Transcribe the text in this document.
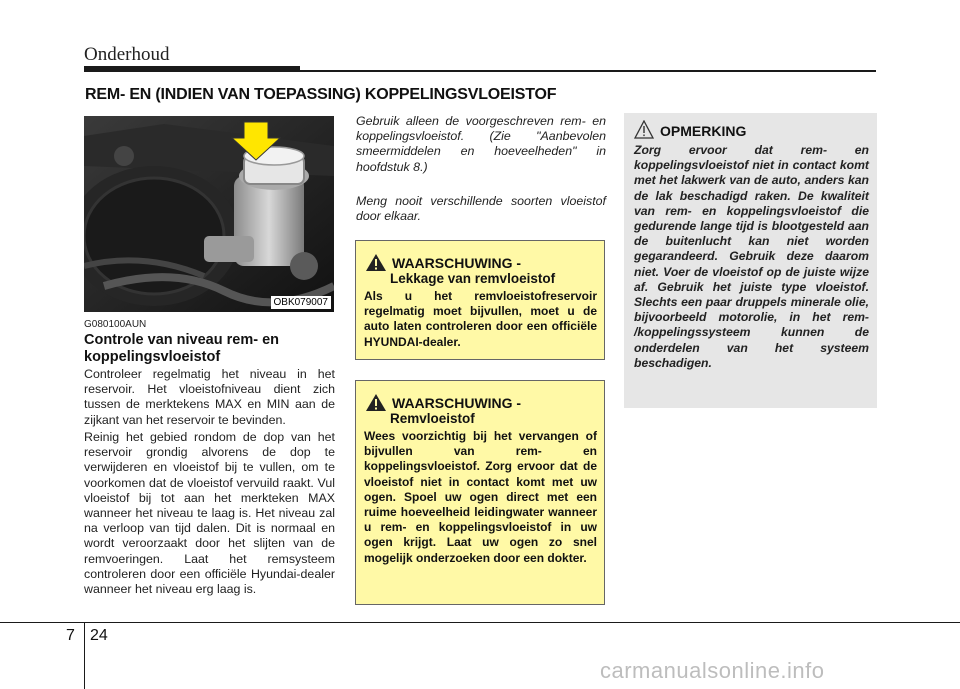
Onderhoud
REM- EN (INDIEN VAN TOEPASSING) KOPPELINGSVLOEISTOF
OBK079007
G080100AUN
Controle van niveau rem- en koppelingsvloeistof
Controleer regelmatig het niveau in het reservoir. Het vloeistofniveau dient zich tussen de merktekens MAX en MIN aan de zijkant van het reservoir te bevinden.
Reinig het gebied rondom de dop van het reservoir grondig alvorens de dop te verwijderen en vloeistof bij te vullen, om te voorkomen dat de vloeistof vervuild raakt. Vul vloeistof bij tot aan het merkteken MAX wanneer het niveau te laag is. Het niveau zal na verloop van tijd dalen. Dit is normaal en wordt veroorzaakt door het slijten van de remvoeringen. Laat het remsysteem controleren door een officiële Hyundai-dealer wanneer het niveau erg laag is.
Gebruik alleen de voorgeschreven rem- en koppelingsvloeistof. (Zie "Aanbevolen smeermiddelen en hoeveelheden" in hoofdstuk 8.)
Meng nooit verschillende soorten vloeistof door elkaar.
WAARSCHUWING -
Lekkage van remvloeistof
Als u het remvloeistofreservoir regelmatig moet bijvullen, moet u de auto laten controleren door een officiële HYUNDAI-dealer.
WAARSCHUWING -
Remvloeistof
Wees voorzichtig bij het vervangen of bijvullen van rem- en koppelingsvloeistof. Zorg ervoor dat de vloeistof niet in contact komt met uw ogen. Spoel uw ogen direct met een ruime hoeveelheid leidingwater wanneer u rem- en koppelingsvloeistof in uw ogen krijgt. Laat uw ogen zo snel mogelijk onderzoeken door een dokter.
OPMERKING
Zorg ervoor dat rem- en koppelingsvloeistof niet in contact komt met het lakwerk van de auto, anders kan de lak beschadigd raken. De kwaliteit van rem- en koppelingsvloeistof die gedurende lange tijd is blootgesteld aan de buitenlucht kan niet worden gegarandeerd. Gebruik deze daarom niet. Voer de vloeistof op de juiste wijze af. Gebruik het juiste type vloeistof. Slechts een paar druppels minerale olie, bijvoorbeeld motorolie, in het rem- /koppelingssysteem kunnen de onderdelen van het systeem beschadigen.
7 24
carmanualsonline.info
